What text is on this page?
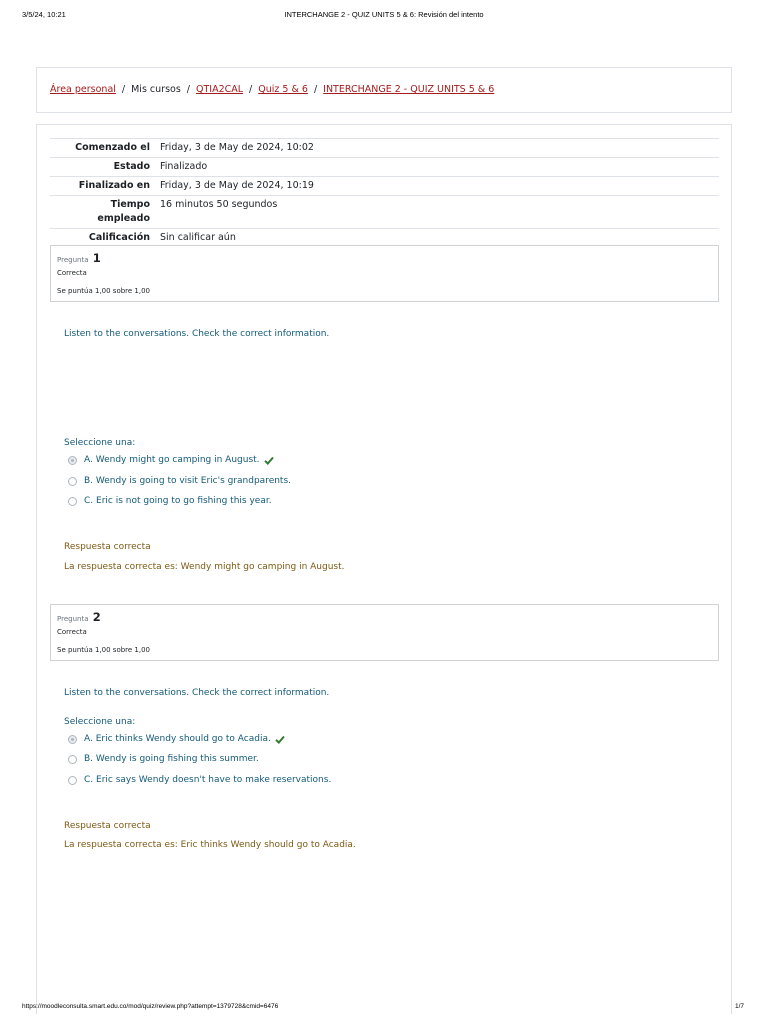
3/5/24, 10:21	INTERCHANGE 2 - QUIZ UNITS 5 & 6: Revisión del intento
Área personal / Mis cursos / QTIA2CAL / Quiz 5 & 6 / INTERCHANGE 2 - QUIZ UNITS 5 & 6
Comenzado el	Friday, 3 de May de 2024, 10:02
Estado	Finalizado
Finalizado en	Friday, 3 de May de 2024, 10:19
Tiempo empleado	16 minutos 50 segundos
Calificación	Sin calificar aún
Pregunta 1
Correcta
Se puntúa 1,00 sobre 1,00
Listen to the conversations. Check the correct information.
Seleccione una:
A. Wendy might go camping in August.
B. Wendy is going to visit Eric's grandparents.
C. Eric is not going to go fishing this year.
Respuesta correcta
La respuesta correcta es: Wendy might go camping in August.
Pregunta 2
Correcta
Se puntúa 1,00 sobre 1,00
Listen to the conversations. Check the correct information.
Seleccione una:
A. Eric thinks Wendy should go to Acadia.
B. Wendy is going fishing this summer.
C. Eric says Wendy doesn't have to make reservations.
Respuesta correcta
La respuesta correcta es: Eric thinks Wendy should go to Acadia.
https://moodleconsulta.smart.edu.co/mod/quiz/review.php?attempt=1379728&cmid=6476	1/7
